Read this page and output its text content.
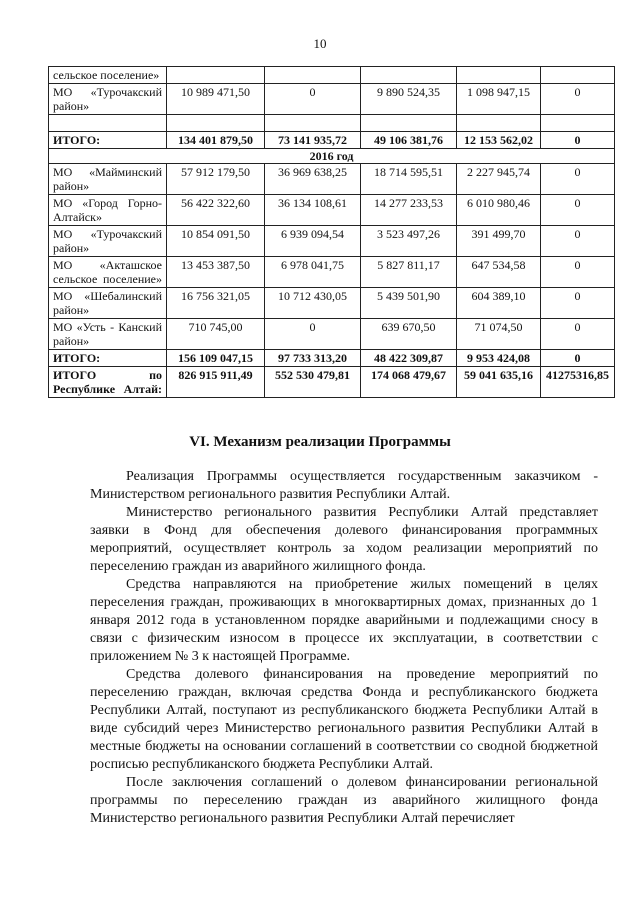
10
сельское поселение»					
МО «Турочакский район»	10 989 471,50	0	9 890 524,35	1 098 947,15	0

ИТОГО:	134 401 879,50	73 141 935,72	49 106 381,76	12 153 562,02	0
2016 год					
МО «Майминский район»	57 912 179,50	36 969 638,25	18 714 595,51	2 227 945,74	0
МО «Город Горно-Алтайск»	56 422 322,60	36 134 108,61	14 277 233,53	6 010 980,46	0
МО «Турочакский район»	10 854 091,50	6 939 094,54	3 523 497,26	391 499,70	0
МО «Акташское сельское поселение»	13 453 387,50	6 978 041,75	5 827 811,17	647 534,58	0
МО «Шебалинский район»	16 756 321,05	10 712 430,05	5 439 501,90	604 389,10	0
МО «Усть - Канский район»	710 745,00	0	639 670,50	71 074,50	0
ИТОГО:	156 109 047,15	97 733 313,20	48 422 309,87	9 953 424,08	0
ИТОГО по Республике Алтай:	826 915 911,49	552 530 479,81	174 068 479,67	59 041 635,16	41275316,85
VI. Механизм реализации Программы

Реализация Программы осуществляется государственным заказчиком - Министерством регионального развития Республики Алтай.

Министерство регионального развития Республики Алтай представляет заявки в Фонд для обеспечения долевого финансирования программных мероприятий, осуществляет контроль за ходом реализации мероприятий по переселению граждан из аварийного жилищного фонда.

Средства направляются на приобретение жилых помещений в целях переселения граждан, проживающих в многоквартирных домах, признанных до 1 января 2012 года в установленном порядке аварийными и подлежащими сносу в связи с физическим износом в процессе их эксплуатации, в соответствии с приложением № 3 к настоящей Программе.

Средства долевого финансирования на проведение мероприятий по переселению граждан, включая средства Фонда и республиканского бюджета Республики Алтай, поступают из республиканского бюджета Республики Алтай в виде субсидий через Министерство регионального развития Республики Алтай в местные бюджеты на основании соглашений в соответствии со сводной бюджетной росписью республиканского бюджета Республики Алтай.

После заключения соглашений о долевом финансировании региональной программы по переселению граждан из аварийного жилищного фонда Министерство регионального развития Республики Алтай перечисляет
